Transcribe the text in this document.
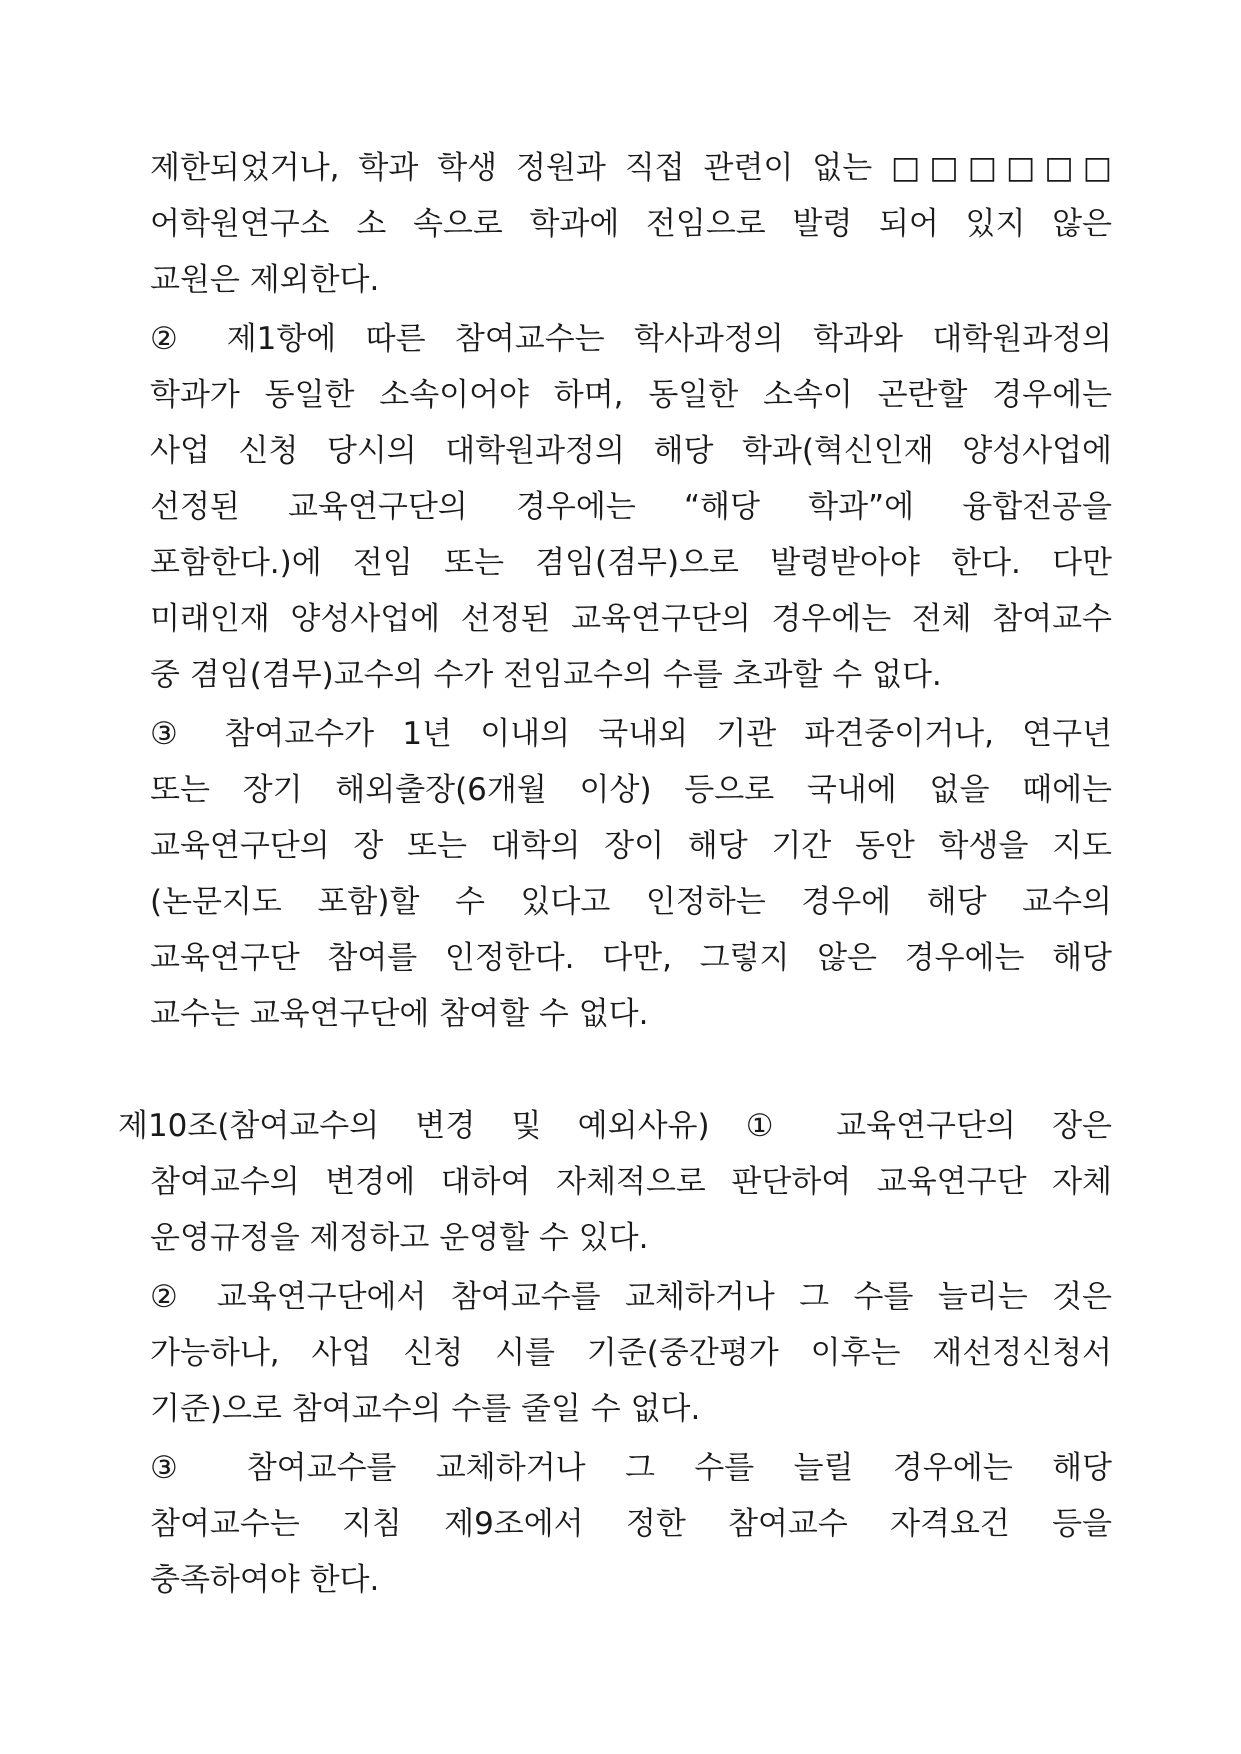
제한되었거나, 학과 학생 정원과 직접 관련이 없는 □□□□□□
어학원연구소 소 속으로 학과에 전임으로 발령 되어 있지 않은
교원은 제외한다.
② 제1항에 따른 참여교수는 학사과정의 학과와 대학원과정의
학과가 동일한 소속이어야 하며, 동일한 소속이 곤란할 경우에는
사업 신청 당시의 대학원과정의 해당 학과(혁신인재 양성사업에
선정된 교육연구단의 경우에는 “해당 학과”에 융합전공을
포함한다.)에 전임 또는 겸임(겸무)으로 발령받아야 한다. 다만
미래인재 양성사업에 선정된 교육연구단의 경우에는 전체 참여교수
중 겸임(겸무)교수의 수가 전임교수의 수를 초과할 수 없다.
③ 참여교수가 1년 이내의 국내외 기관 파견중이거나, 연구년
또는 장기 해외출장(6개월 이상) 등으로 국내에 없을 때에는
교육연구단의 장 또는 대학의 장이 해당 기간 동안 학생을 지도
(논문지도 포함)할 수 있다고 인정하는 경우에 해당 교수의
교육연구단 참여를 인정한다. 다만, 그렇지 않은 경우에는 해당
교수는 교육연구단에 참여할 수 없다.
제10조(참여교수의 변경 및 예외사유) ① 교육연구단의 장은
참여교수의 변경에 대하여 자체적으로 판단하여 교육연구단 자체
운영규정을 제정하고 운영할 수 있다.
② 교육연구단에서 참여교수를 교체하거나 그 수를 늘리는 것은
가능하나, 사업 신청 시를 기준(중간평가 이후는 재선정신청서
기준)으로 참여교수의 수를 줄일 수 없다.
③ 참여교수를 교체하거나 그 수를 늘릴 경우에는 해당
참여교수는 지침 제9조에서 정한 참여교수 자격요건 등을
충족하여야 한다.
